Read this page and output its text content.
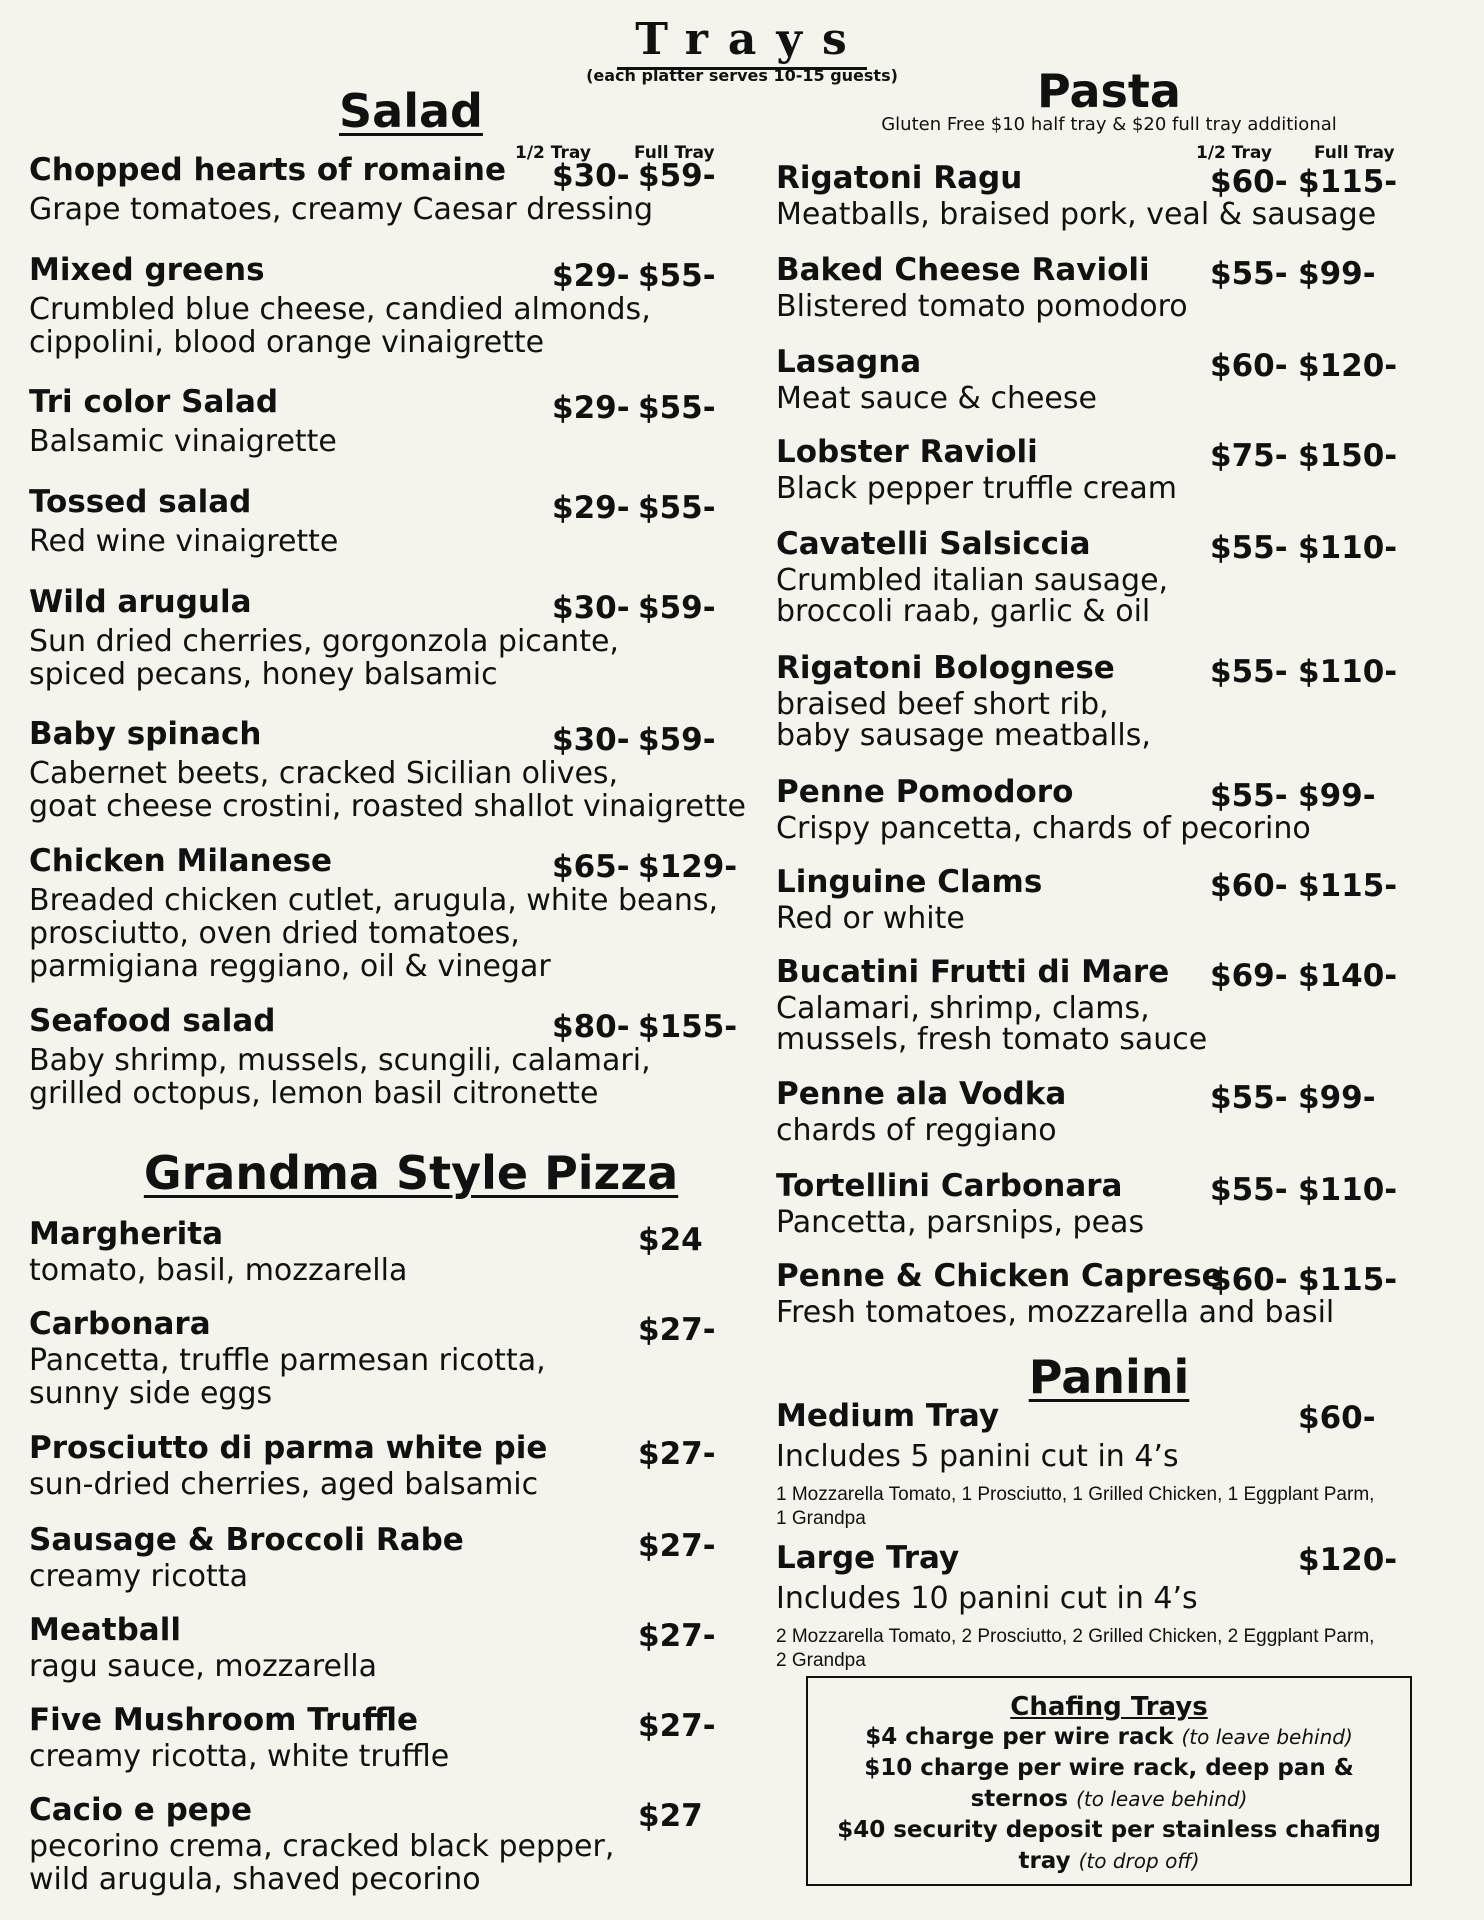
Trays
(each platter serves 10-15 guests)
Salad
1/2 Tray	Full Tray
Chopped hearts of romaine $30- $59-
Grape tomatoes, creamy Caesar dressing
Mixed greens	$29- $55-
Crumbled blue cheese, candied almonds,
cippolini, blood orange vinaigrette
Tri color Salad	$29- $55-
Balsamic vinaigrette
Tossed salad	$29- $55-
Red wine vinaigrette
Wild arugula	$30- $59-
Sun dried cherries, gorgonzola picante,
spiced pecans, honey balsamic
Baby spinach	$30- $59-
Cabernet beets, cracked Sicilian olives,
goat cheese crostini, roasted shallot vinaigrette
Chicken Milanese	$65- $129-
Breaded chicken cutlet, arugula, white beans,
prosciutto, oven dried tomatoes,
parmigiana reggiano, oil & vinegar
Seafood salad	$80- $155-
Baby shrimp, mussels, scungili, calamari,
grilled octopus, lemon basil citronette
Grandma Style Pizza
Margherita	$24
tomato, basil, mozzarella
Carbonara	$27-
Pancetta, truffle parmesan ricotta,
sunny side eggs
Prosciutto di parma white pie	$27-
sun-dried cherries, aged balsamic
Sausage & Broccoli Rabe	$27-
creamy ricotta
Meatball	$27-
ragu sauce, mozzarella
Five Mushroom Truffle	$27-
creamy ricotta, white truffle
Cacio e pepe	$27
pecorino crema, cracked black pepper,
wild arugula, shaved pecorino
Pasta
Gluten Free $10 half tray & $20 full tray additional
1/2 Tray Full Tray
Rigatoni Ragu	$60- $115-
Meatballs, braised pork, veal & sausage
Baked Cheese Ravioli $55- $99-
Blistered tomato pomodoro
Lasagna	$60- $120-
Meat sauce & cheese
Lobster Ravioli	$75- $150-
Black pepper truffle cream
Cavatelli Salsiccia	$55- $110-
Crumbled italian sausage,
broccoli raab, garlic & oil
Rigatoni Bolognese	$55- $110-
braised beef short rib,
baby sausage meatballs,
Penne Pomodoro	$55- $99-
Crispy pancetta, chards of pecorino
Linguine Clams	$60- $115-
Red or white
Bucatini Frutti di Mare $69- $140-
Calamari, shrimp, clams,
mussels, fresh tomato sauce
Penne ala Vodka	$55- $99-
chards of reggiano
Tortellini Carbonara	$55- $110-
Pancetta, parsnips, peas
Penne & Chicken Caprese
$60- $115-
Fresh tomatoes, mozzarella and basil
Panini
Medium Tray	$60-
Includes 5 panini cut in 4’s
1 Mozzarella Tomato, 1 Prosciutto, 1 Grilled Chicken, 1 Eggplant Parm,
1 Grandpa
Large Tray	$120-
Includes 10 panini cut in 4’s
2 Mozzarella Tomato, 2 Prosciutto, 2 Grilled Chicken, 2 Eggplant Parm,
2 Grandpa
Chafing Trays
$4 charge per wire rack (to leave behind)
$10 charge per wire rack, deep pan &
sternos (to leave behind)
$40 security deposit per stainless chafing
tray (to drop off)
